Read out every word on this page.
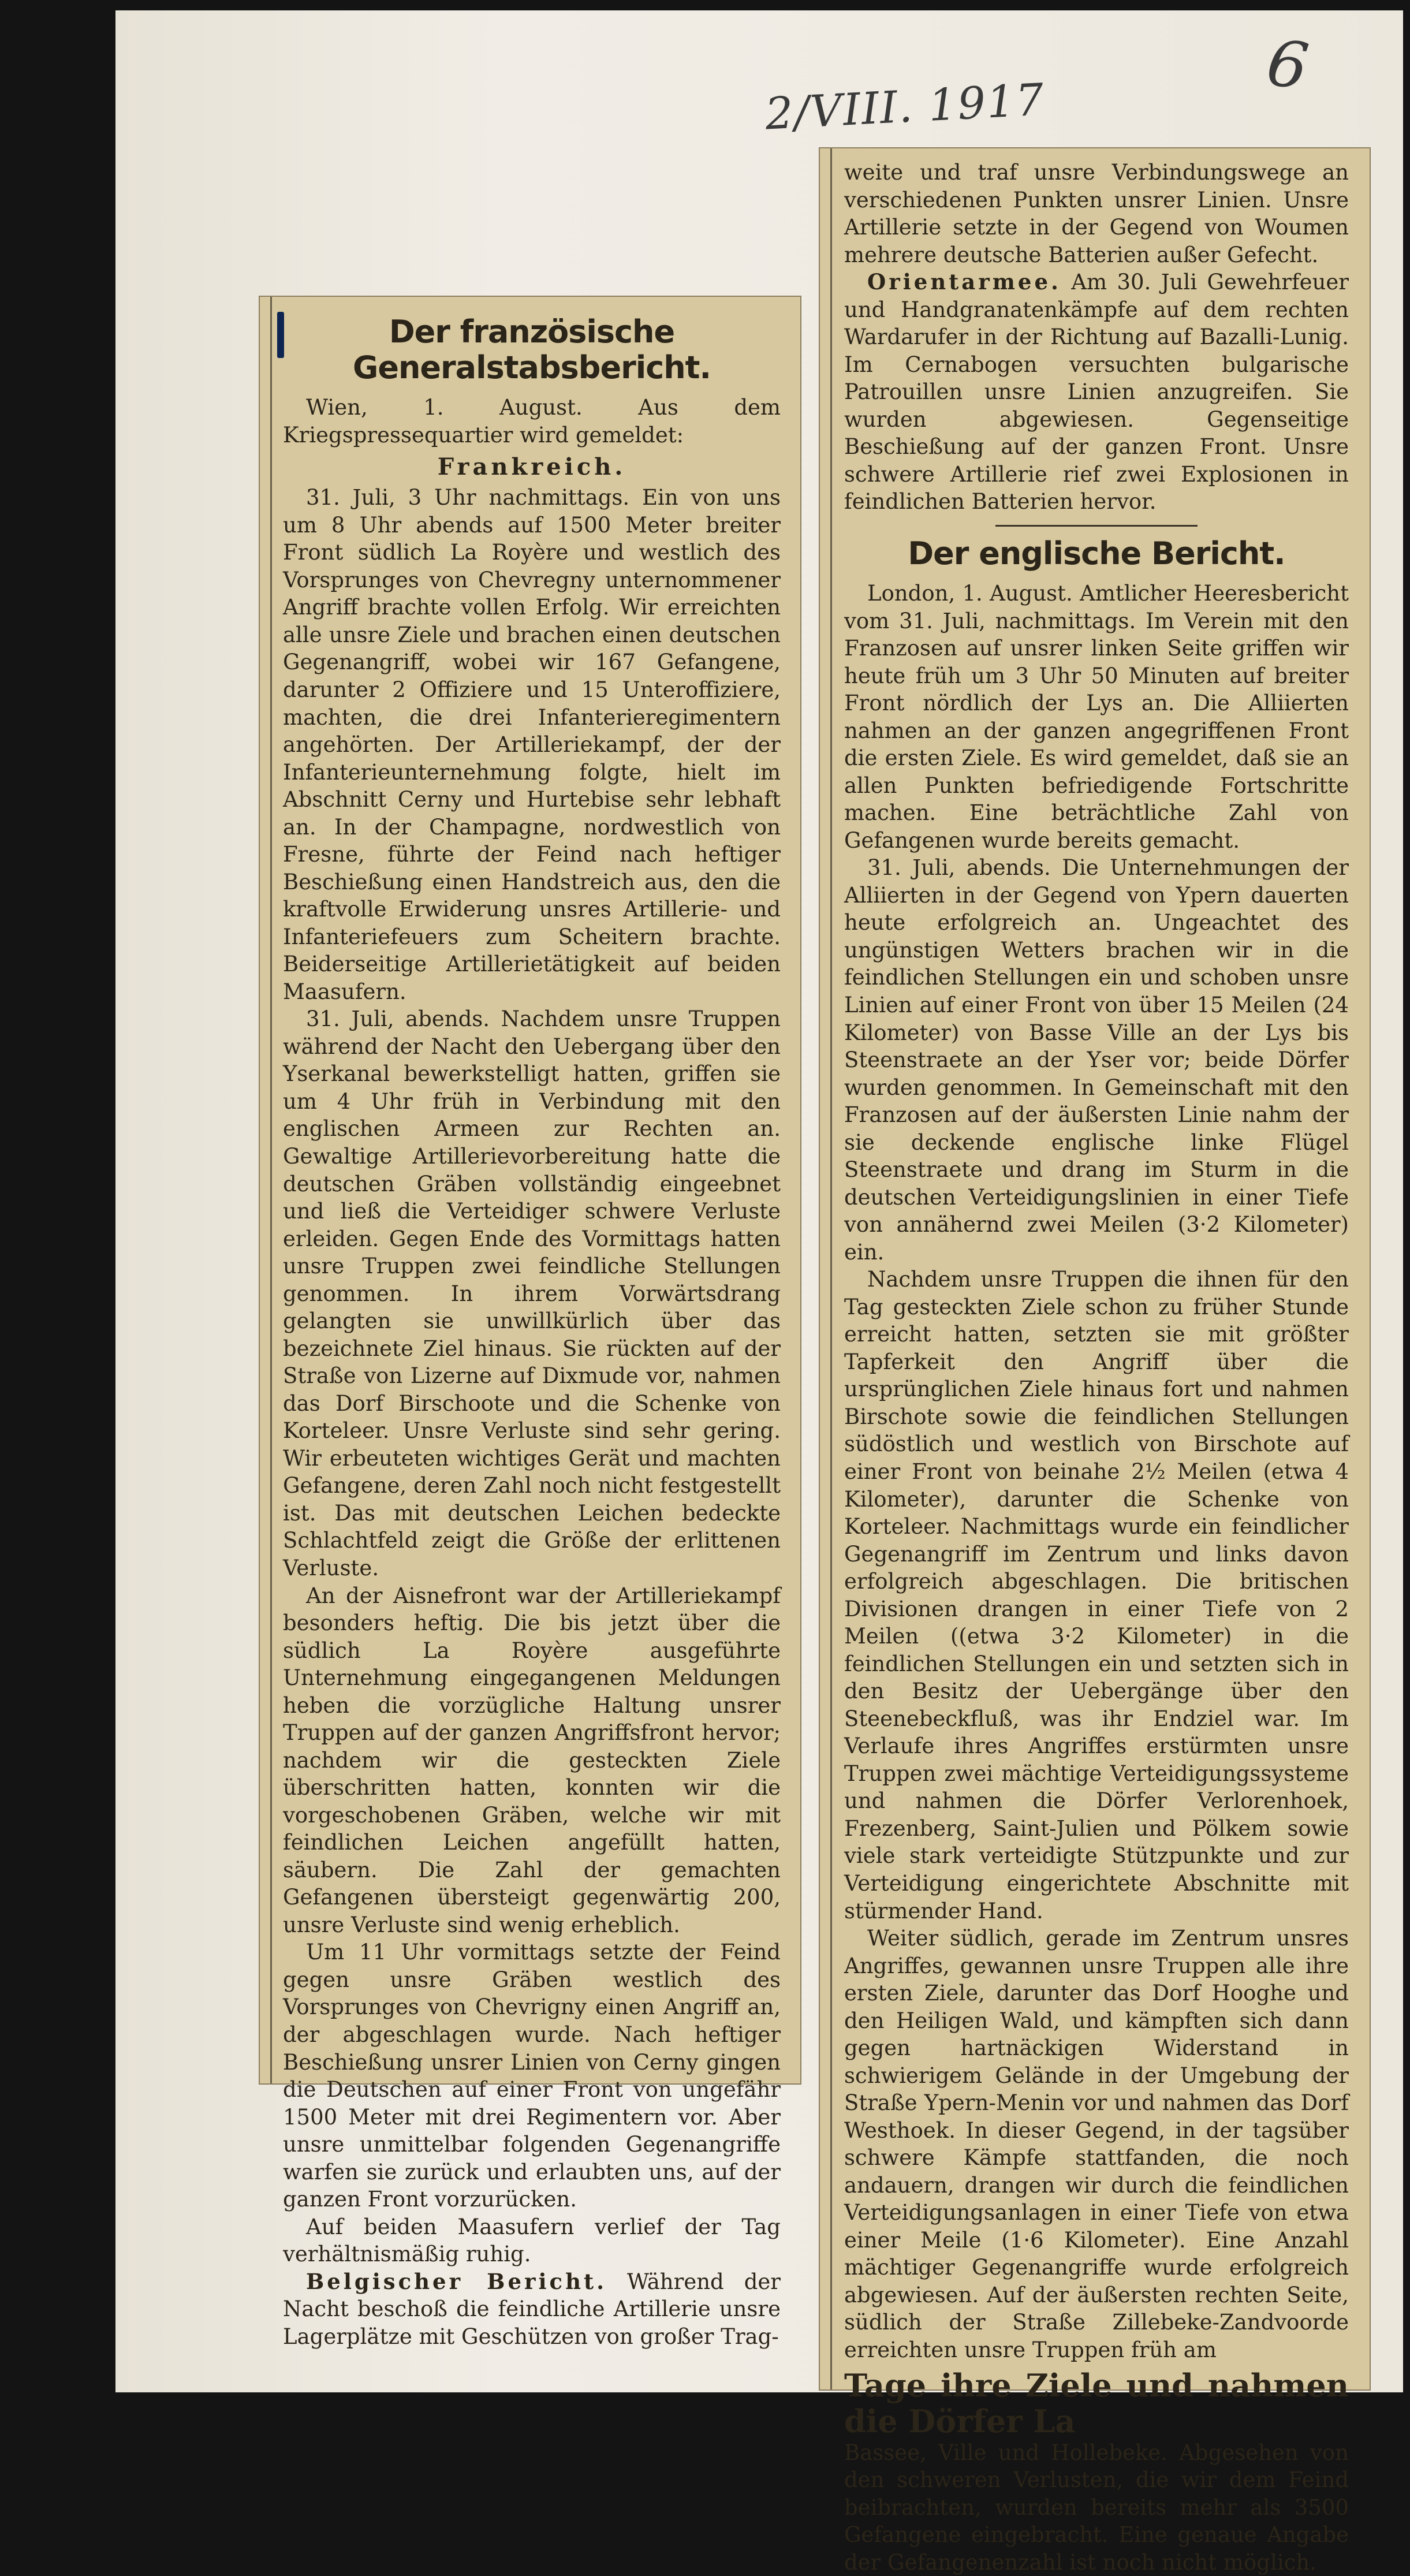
2/VIII. 1917
6
Der französische Generalstabsbericht.

Wien, 1. August. Aus dem Kriegspressequartier wird gemeldet:

Frankreich.

31. Juli, 3 Uhr nachmittags. Ein von uns um 8 Uhr abends auf 1500 Meter breiter Front südlich La Royère und westlich des Vorsprunges von Chevregny unternommener Angriff brachte vollen Erfolg. Wir erreichten alle unsre Ziele und brachen einen deutschen Gegenangriff, wobei wir 167 Gefangene, darunter 2 Offiziere und 15 Unteroffiziere, machten, die drei Infanterieregimentern angehörten. Der Artilleriekampf, der der Infanterieunternehmung folgte, hielt im Abschnitt Cerny und Hurtebise sehr lebhaft an. In der Champagne, nordwestlich von Fresne, führte der Feind nach heftiger Beschießung einen Handstreich aus, den die kraftvolle Erwiderung unsres Artillerie- und Infanteriefeuers zum Scheitern brachte. Beiderseitige Artillerietätigkeit auf beiden Maasufern.

31. Juli, abends. Nachdem unsre Truppen während der Nacht den Uebergang über den Yserkanal bewerkstelligt hatten, griffen sie um 4 Uhr früh in Verbindung mit den englischen Armeen zur Rechten an. Gewaltige Artillerievorbereitung hatte die deutschen Gräben vollständig eingeebnet und ließ die Verteidiger schwere Verluste erleiden. Gegen Ende des Vormittags hatten unsre Truppen zwei feindliche Stellungen genommen. In ihrem Vorwärtsdrang gelangten sie unwillkürlich über das bezeichnete Ziel hinaus. Sie rückten auf der Straße von Lizerne auf Dixmude vor, nahmen das Dorf Birschoote und die Schenke von Korteleer. Unsre Verluste sind sehr gering. Wir erbeuteten wichtiges Gerät und machten Gefangene, deren Zahl noch nicht festgestellt ist. Das mit deutschen Leichen bedeckte Schlachtfeld zeigt die Größe der erlittenen Verluste.

An der Aisnefront war der Artilleriekampf besonders heftig. Die bis jetzt über die südlich La Royère ausgeführte Unternehmung eingegangenen Meldungen heben die vorzügliche Haltung unsrer Truppen auf der ganzen Angriffsfront hervor; nachdem wir die gesteckten Ziele überschritten hatten, konnten wir die vorgeschobenen Gräben, welche wir mit feindlichen Leichen angefüllt hatten, säubern. Die Zahl der gemachten Gefangenen übersteigt gegenwärtig 200, unsre Verluste sind wenig erheblich.

Um 11 Uhr vormittags setzte der Feind gegen unsre Gräben westlich des Vorsprunges von Chevrigny einen Angriff an, der abgeschlagen wurde. Nach heftiger Beschießung unsrer Linien von Cerny gingen die Deutschen auf einer Front von ungefähr 1500 Meter mit drei Regimentern vor. Aber unsre unmittelbar folgenden Gegenangriffe warfen sie zurück und erlaubten uns, auf der ganzen Front vorzurücken.

Auf beiden Maasufern verlief der Tag verhältnismäßig ruhig.

Belgischer Bericht. Während der Nacht beschoß die feindliche Artillerie unsre Lagerplätze mit Geschützen von großer Trag-

weite und traf unsre Verbindungswege an verschiedenen Punkten unsrer Linien. Unsre Artillerie setzte in der Gegend von Woumen mehrere deutsche Batterien außer Gefecht.

Orientarmee. Am 30. Juli Gewehrfeuer und Handgranatenkämpfe auf dem rechten Wardarufer in der Richtung auf Bazalli-Lunig. Im Cernabogen versuchten bulgarische Patrouillen unsre Linien anzugreifen. Sie wurden abgewiesen. Gegenseitige Beschießung auf der ganzen Front. Unsre schwere Artillerie rief zwei Explosionen in feindlichen Batterien hervor.

Der englische Bericht.

London, 1. August. Amtlicher Heeresbericht vom 31. Juli, nachmittags. Im Verein mit den Franzosen auf unsrer linken Seite griffen wir heute früh um 3 Uhr 50 Minuten auf breiter Front nördlich der Lys an. Die Alliierten nahmen an der ganzen angegriffenen Front die ersten Ziele. Es wird gemeldet, daß sie an allen Punkten befriedigende Fortschritte machen. Eine beträchtliche Zahl von Gefangenen wurde bereits gemacht.

31. Juli, abends. Die Unternehmungen der Alliierten in der Gegend von Ypern dauerten heute erfolgreich an. Ungeachtet des ungünstigen Wetters brachen wir in die feindlichen Stellungen ein und schoben unsre Linien auf einer Front von über 15 Meilen (24 Kilometer) von Basse Ville an der Lys bis Steenstraete an der Yser vor; beide Dörfer wurden genommen. In Gemeinschaft mit den Franzosen auf der äußersten Linie nahm der sie deckende englische linke Flügel Steenstraete und drang im Sturm in die deutschen Verteidigungslinien in einer Tiefe von annähernd zwei Meilen (3·2 Kilometer) ein.

Nachdem unsre Truppen die ihnen für den Tag gesteckten Ziele schon zu früher Stunde erreicht hatten, setzten sie mit größter Tapferkeit den Angriff über die ursprünglichen Ziele hinaus fort und nahmen Birschote sowie die feindlichen Stellungen südöstlich und westlich von Birschote auf einer Front von beinahe 2½ Meilen (etwa 4 Kilometer), darunter die Schenke von Korteleer. Nachmittags wurde ein feindlicher Gegenangriff im Zentrum und links davon erfolgreich abgeschlagen. Die britischen Divisionen drangen in einer Tiefe von 2 Meilen ((etwa 3·2 Kilometer) in die feindlichen Stellungen ein und setzten sich in den Besitz der Uebergänge über den Steenebeckfluß, was ihr Endziel war. Im Verlaufe ihres Angriffes erstürmten unsre Truppen zwei mächtige Verteidigungssysteme und nahmen die Dörfer Verlorenhoek, Frezenberg, Saint-Julien und Pölkem sowie viele stark verteidigte Stützpunkte und zur Verteidigung eingerichtete Abschnitte mit stürmender Hand.

Weiter südlich, gerade im Zentrum unsres Angriffes, gewannen unsre Truppen alle ihre ersten Ziele, darunter das Dorf Hooghe und den Heiligen Wald, und kämpften sich dann gegen hartnäckigen Widerstand in schwierigem Gelände in der Umgebung der Straße Ypern-Menin vor und nahmen das Dorf Westhoek. In dieser Gegend, in der tagsüber schwere Kämpfe stattfanden, die noch andauern, drangen wir durch die feindlichen Verteidigungsanlagen in einer Tiefe von etwa einer Meile (1·6 Kilometer). Eine Anzahl mächtiger Gegenangriffe wurde erfolgreich abgewiesen. Auf der äußersten rechten Seite, südlich der Straße Zillebeke-Zandvoorde erreichten unsre Truppen früh am

Tage ihre Ziele und nahmen die Dörfer La

Bassee, Ville und Hollebeke. Abgesehen von den schweren Verlusten, die wir dem Feind beibrachten, wurden bereits mehr als 3500 Gefangene eingebracht. Eine genaue Angabe der Gefangenenzahl ist noch nicht möglich.
